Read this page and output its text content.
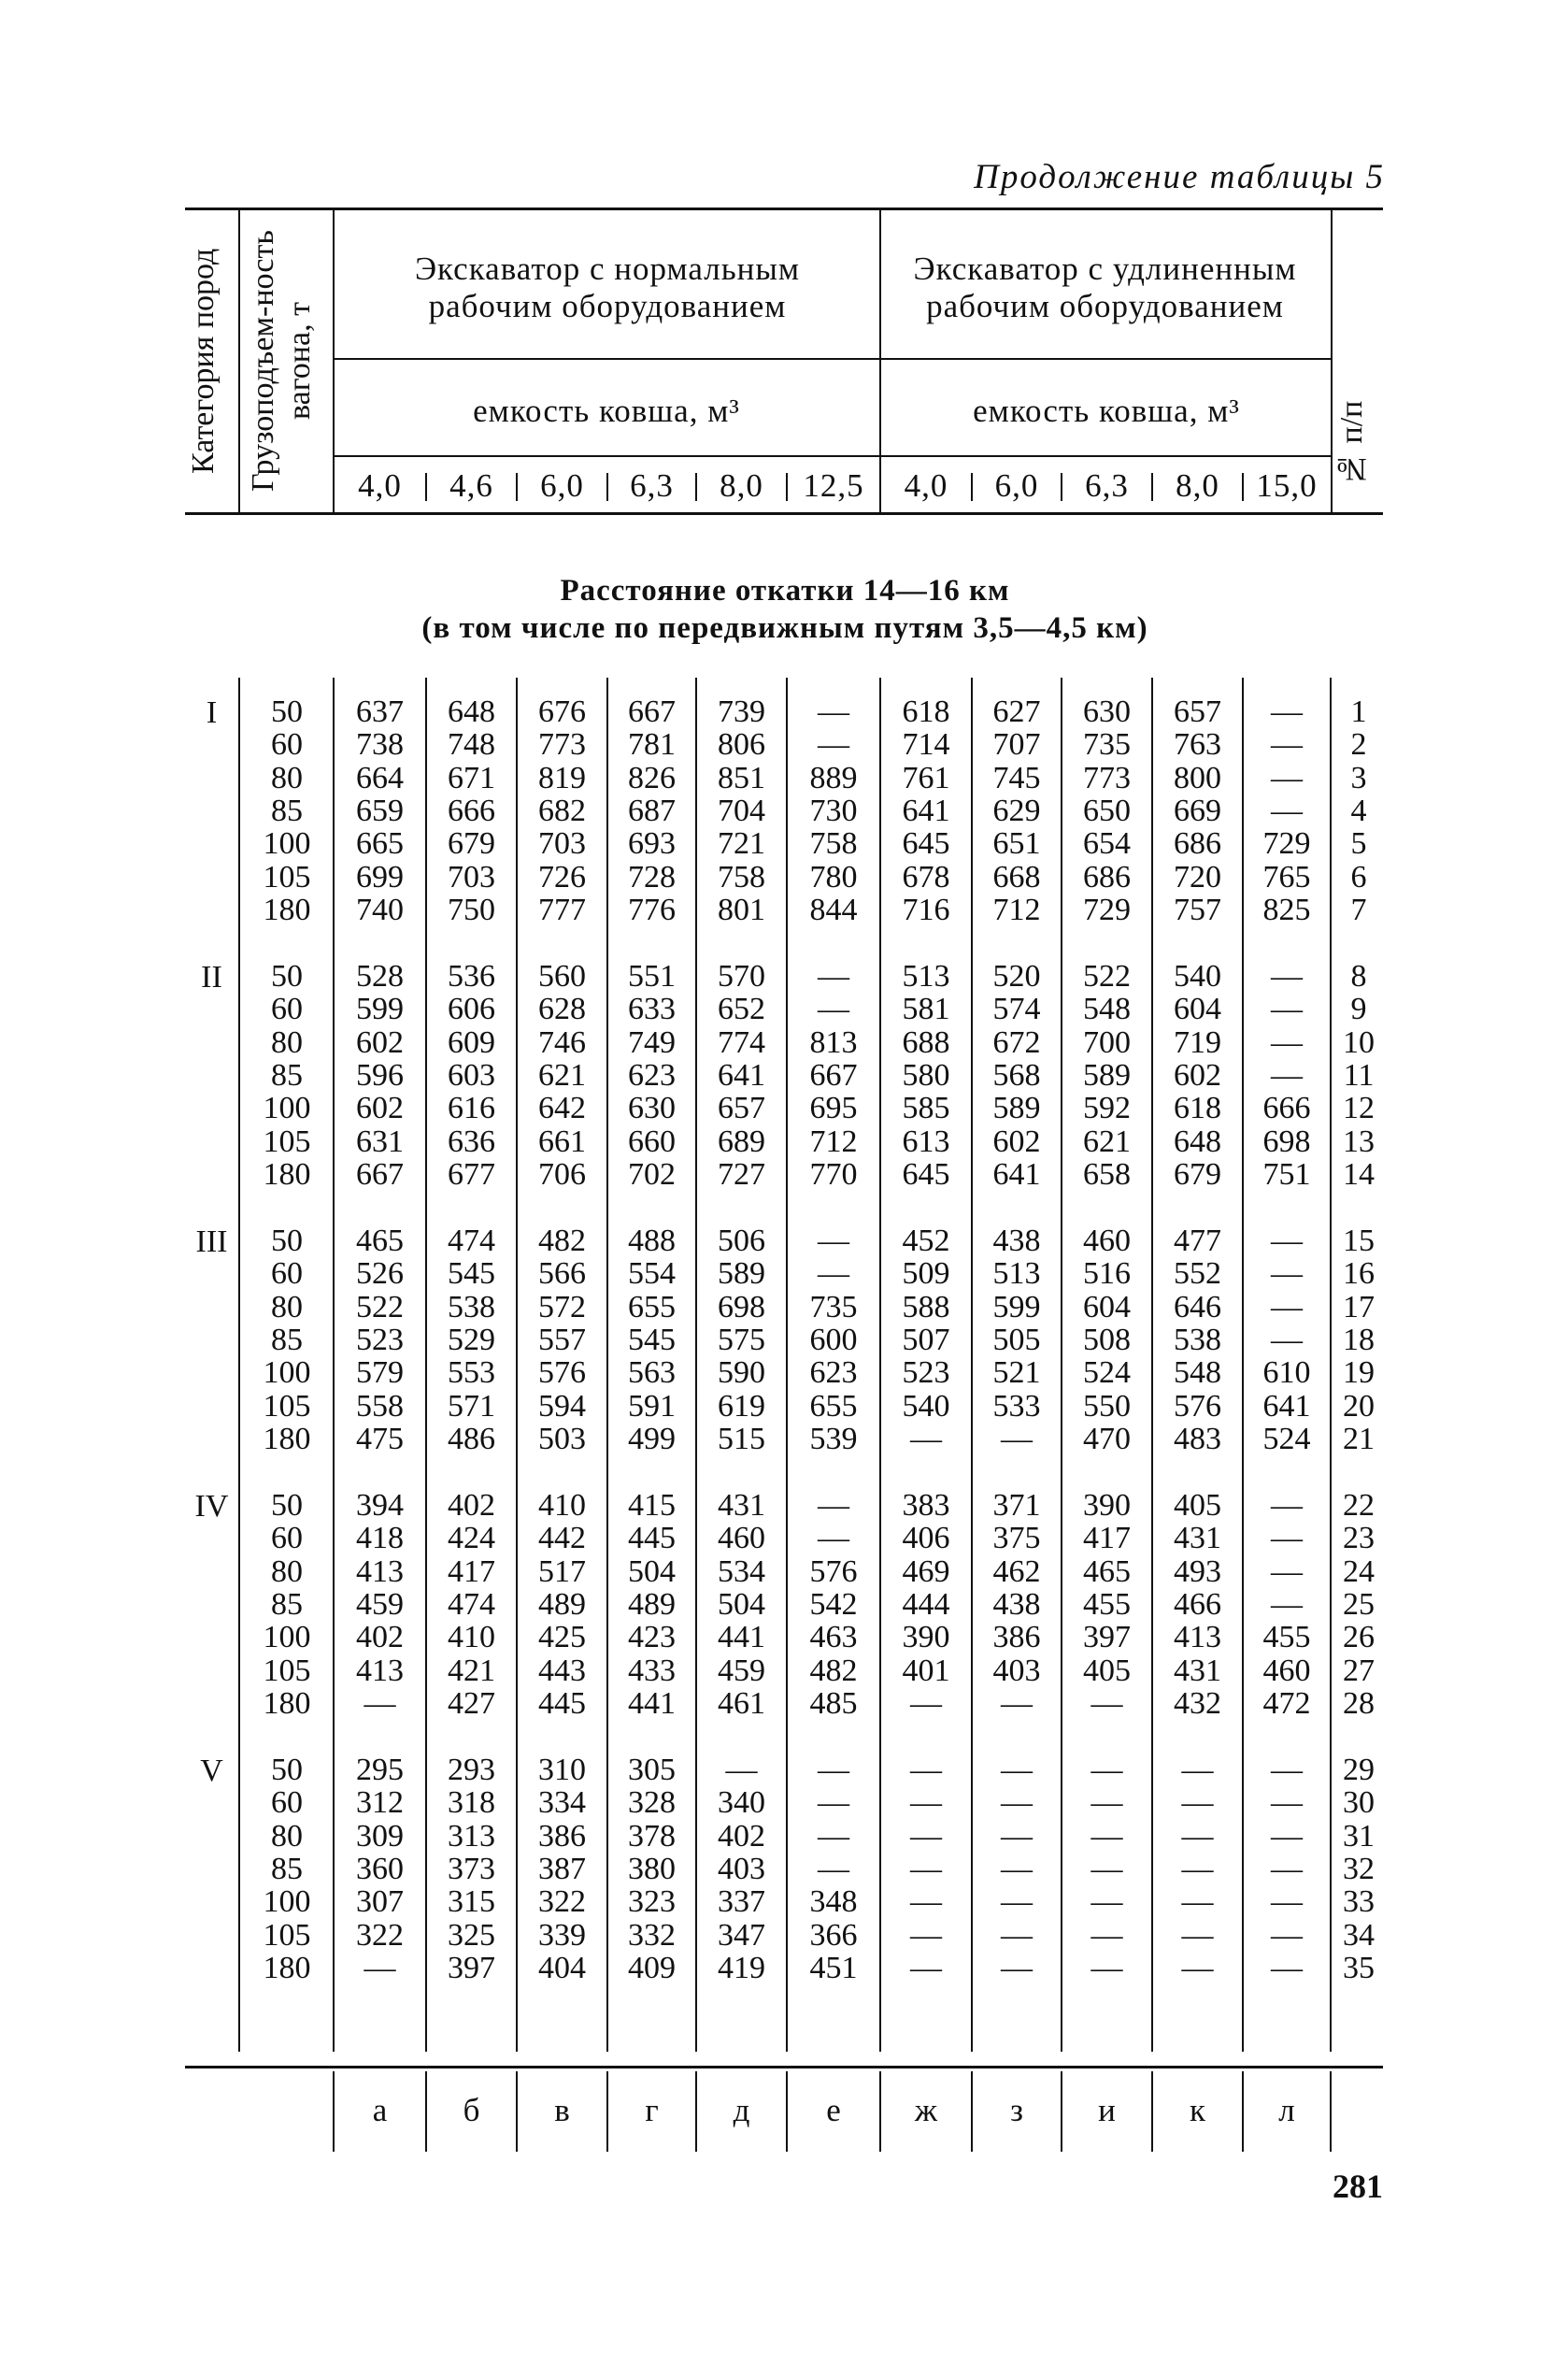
Продолжение таблицы 5
Категория пород Грузоподъем-ность вагона, т
Экскаватор с нормальным рабочим оборудованием
Экскаватор с удлиненным рабочим оборудованием
емкость ковша, м³	емкость ковша, м³	№ п/п
4,0	4,6	6,0	6,3	8,0	12,5	4,0	6,0	6,3	8,0	15,0
Расстояние откатки 14—16 км
(в том числе по передвижным путям 3,5—4,5 км)
I	50	637	648	676	667	739	—	618	627	630	657	—	1
60	738	748	773	781	806	—	714	707	735	763	—	2
80	664	671	819	826	851	889	761	745	773	800	—	3
85	659	666	682	687	704	730	641	629	650	669	—	4
100	665	679	703	693	721	758	645	651	654	686	729	5
105	699	703	726	728	758	780	678	668	686	720	765	6
180	740	750	777	776	801	844	716	712	729	757	825	7
II	50	528	536	560	551	570	—	513	520	522	540	—	8
60	599	606	628	633	652	—	581	574	548	604	—	9
80	602	609	746	749	774	813	688	672	700	719	—	10
85	596	603	621	623	641	667	580	568	589	602	—	11
100	602	616	642	630	657	695	585	589	592	618	666	12
105	631	636	661	660	689	712	613	602	621	648	698	13
180	667	677	706	702	727	770	645	641	658	679	751	14
III	50	465	474	482	488	506	—	452	438	460	477	—	15
60	526	545	566	554	589	—	509	513	516	552	—	16
80	522	538	572	655	698	735	588	599	604	646	—	17
85	523	529	557	545	575	600	507	505	508	538	—	18
100	579	553	576	563	590	623	523	521	524	548	610	19
105	558	571	594	591	619	655	540	533	550	576	641	20
180	475	486	503	499	515	539	—	—	470	483	524	21
IV	50	394	402	410	415	431	—	383	371	390	405	—	22
60	418	424	442	445	460	—	406	375	417	431	—	23
80	413	417	517	504	534	576	469	462	465	493	—	24
85	459	474	489	489	504	542	444	438	455	466	—	25
100	402	410	425	423	441	463	390	386	397	413	455	26
105	413	421	443	433	459	482	401	403	405	431	460	27
180	—	427	445	441	461	485	—	—	—	432	472	28
V	50	295	293	310	305	—	—	—	—	—	—	—	29
60	312	318	334	328	340	—	—	—	—	—	—	30
80	309	313	386	378	402	—	—	—	—	—	—	31
85	360	373	387	380	403	—	—	—	—	—	—	32
100	307	315	322	323	337	348	—	—	—	—	—	33
105	322	325	339	332	347	366	—	—	—	—	—	34
180	—	397	404	409	419	451	—	—	—	—	—	35
а	б	в	г	д	е	ж	з	и	к	л
281
